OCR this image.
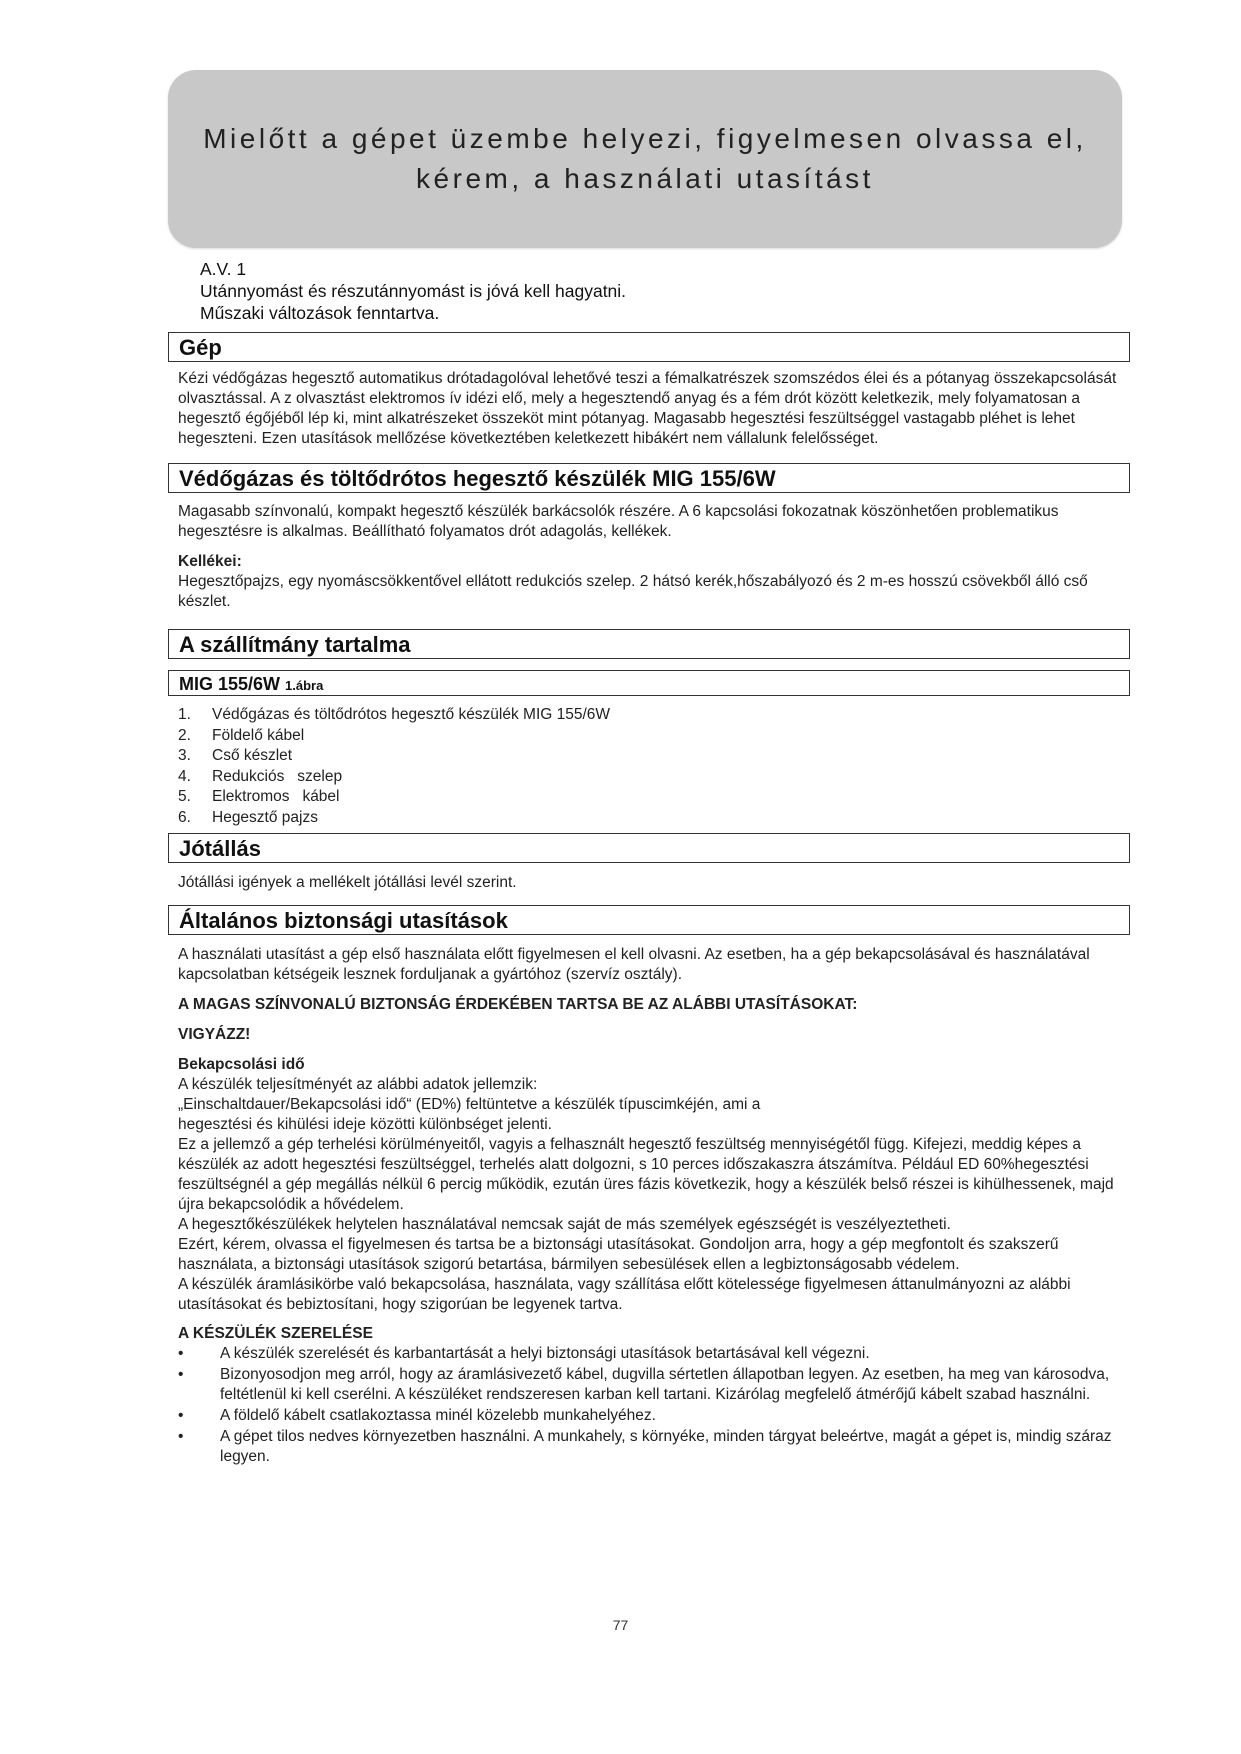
Mielőtt a gépet üzembe helyezi, figyelmesen olvassa el,
kérem, a használati utasítást
A.V. 1
Utánnyomást és részutánnyomást is jóvá kell hagyatni.
Műszaki változások fenntartva.
Gép

Kézi védőgázas hegesztő automatikus drótadagolóval lehetővé teszi a fémalkatrészek szomszédos élei és a pótanyag összekapcsolását olvasztással. A z olvasztást elektromos ív idézi elő, mely a hegesztendő anyag és a fém drót között keletkezik, mely folyamatosan a hegesztő égőjéből lép ki, mint alkatrészeket összeköt mint pótanyag. Magasabb hegesztési feszültséggel vastagabb pléhet is lehet hegeszteni. Ezen utasítások mellőzése következtében keletkezett hibákért nem vállalunk felelősséget.

Védőgázas és töltődrótos hegesztő készülék MIG 155/6W

Magasabb színvonalú, kompakt hegesztő készülék barkácsolók részére. A 6 kapcsolási fokozatnak köszönhetően problematikus hegesztésre is alkalmas. Beállítható folyamatos drót adagolás, kellékek.

Kellékei:

Hegesztőpajzs, egy nyomáscsökkentővel ellátott redukciós szelep. 2 hátsó kerék,hőszabályozó és 2 m-es hosszú csövekből álló cső készlet.

A szállítmány tartalma
MIG 155/6W 1.ábra
1.	Védőgázas és töltődrótos hegesztő készülék MIG 155/6W
2.	Földelő kábel
3.	Cső készlet
4.	Redukciós   szelep
5.	Elektromos   kábel
6.	Hegesztő pajzs
Jótállás

Jótállási igények a mellékelt jótállási levél szerint.

Általános biztonsági utasítások

A használati utasítást a gép első használata előtt figyelmesen el kell olvasni. Az esetben, ha a gép bekapcsolásával és használatával kapcsolatban kétségeik lesznek forduljanak a gyártóhoz (szervíz osztály).

A MAGAS SZÍNVONALÚ BIZTONSÁG ÉRDEKÉBEN TARTSA BE AZ ALÁBBI UTASÍTÁSOKAT:
VIGYÁZZ!
Bekapcsolási idő

A készülék teljesítményét az alábbi adatok jellemzik:

„Einschaltdauer/Bekapcsolási idő“ (ED%) feltüntetve a készülék típuscimkéjén, ami a

hegesztési és kihülési ideje közötti különbséget jelenti.

Ez a jellemző a gép terhelési körülményeitől, vagyis a felhasznált hegesztő feszültség mennyiségétől függ. Kifejezi, meddig képes a készülék az adott hegesztési feszültséggel, terhelés alatt dolgozni, s 10 perces időszakaszra átszámítva. Például ED 60%hegesztési feszültségnél a gép megállás nélkül 6 percig működik, ezután üres fázis következik, hogy a készülék belső részei is kihülhessenek, majd újra bekapcsolódik a hővédelem.

A hegesztőkészülékek helytelen használatával nemcsak saját de más személyek egészségét is veszélyeztetheti.

Ezért, kérem, olvassa el figyelmesen és tartsa be a biztonsági utasításokat. Gondoljon arra, hogy a gép megfontolt és szakszerű használata, a biztonsági utasítások szigorú betartása, bármilyen sebesülések ellen a legbiztonságosabb védelem.

A készülék áramlásikörbe való bekapcsolása, használata, vagy szállítása előtt kötelessége figyelmesen áttanulmányozni az alábbi utasításokat és bebiztosítani, hogy szigorúan be legyenek tartva.

A KÉSZÜLÉK SZERELÉSE
•	A készülék szerelését és karbantartását a helyi biztonsági utasítások betartásával kell végezni.
•	Bizonyosodjon meg arról, hogy az áramlásivezető kábel, dugvilla sértetlen állapotban legyen. Az esetben, ha meg van károsodva, feltétlenül ki kell cserélni. A készüléket rendszeresen karban kell tartani. Kizárólag megfelelő átmérőjű kábelt szabad használni.
•	A földelő kábelt csatlakoztassa minél közelebb munkahelyéhez.
•	A gépet tilos nedves környezetben használni. A munkahely, s környéke, minden tárgyat beleértve, magát a gépet is, mindig száraz legyen.
77
